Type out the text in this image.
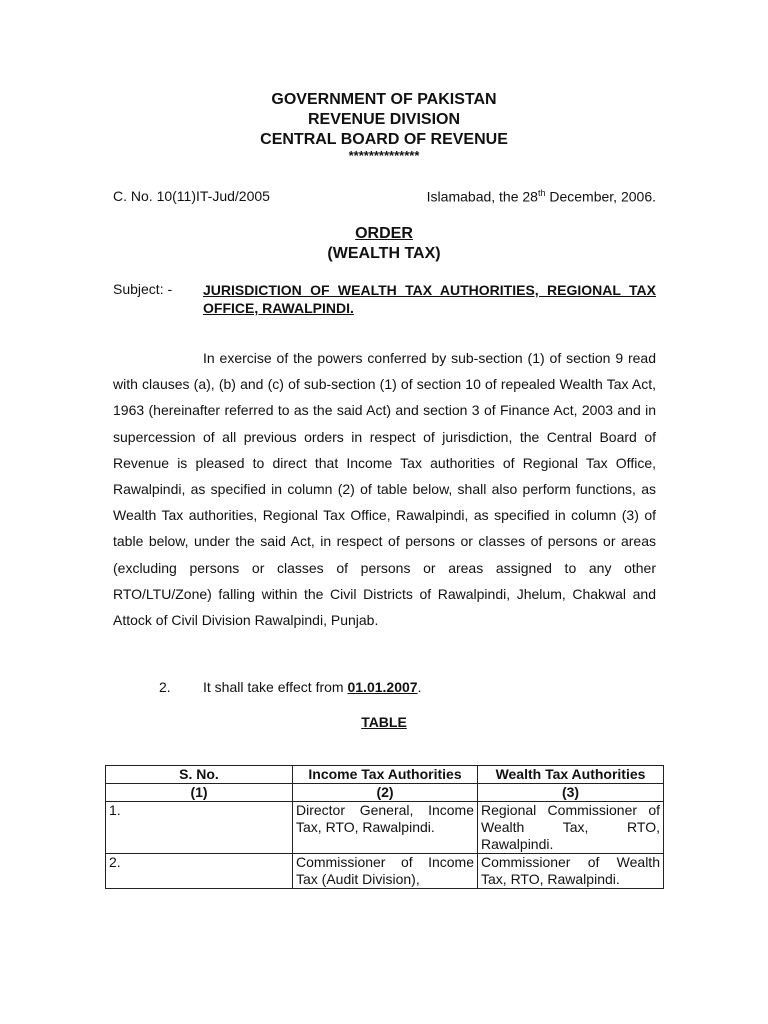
GOVERNMENT OF PAKISTAN
REVENUE DIVISION
CENTRAL BOARD OF REVENUE
**************
C. No. 10(11)IT-Jud/2005	Islamabad, the 28th December, 2006.
ORDER
(WEALTH TAX)
Subject: - JURISDICTION OF WEALTH TAX AUTHORITIES, REGIONAL TAX OFFICE, RAWALPINDI.
In exercise of the powers conferred by sub-section (1) of section 9 read with clauses (a), (b) and (c) of sub-section (1) of section 10 of repealed Wealth Tax Act, 1963 (hereinafter referred to as the said Act) and section 3 of Finance Act, 2003 and in supercession of all previous orders in respect of jurisdiction, the Central Board of Revenue is pleased to direct that Income Tax authorities of Regional Tax Office, Rawalpindi, as specified in column (2) of table below, shall also perform functions, as Wealth Tax authorities, Regional Tax Office, Rawalpindi, as specified in column (3) of table below, under the said Act, in respect of persons or classes of persons or areas (excluding persons or classes of persons or areas assigned to any other RTO/LTU/Zone) falling within the Civil Districts of Rawalpindi, Jhelum, Chakwal and Attock of Civil Division Rawalpindi, Punjab.
2. It shall take effect from 01.01.2007.
TABLE
S. No.	Income Tax Authorities	Wealth Tax Authorities
(1)	(2)	(3)
1.	Director General, Income Tax, RTO, Rawalpindi.	Regional Commissioner of Wealth Tax, RTO, Rawalpindi.

2.	Commissioner of Income Tax (Audit Division),	Commissioner of Wealth Tax, RTO, Rawalpindi.
